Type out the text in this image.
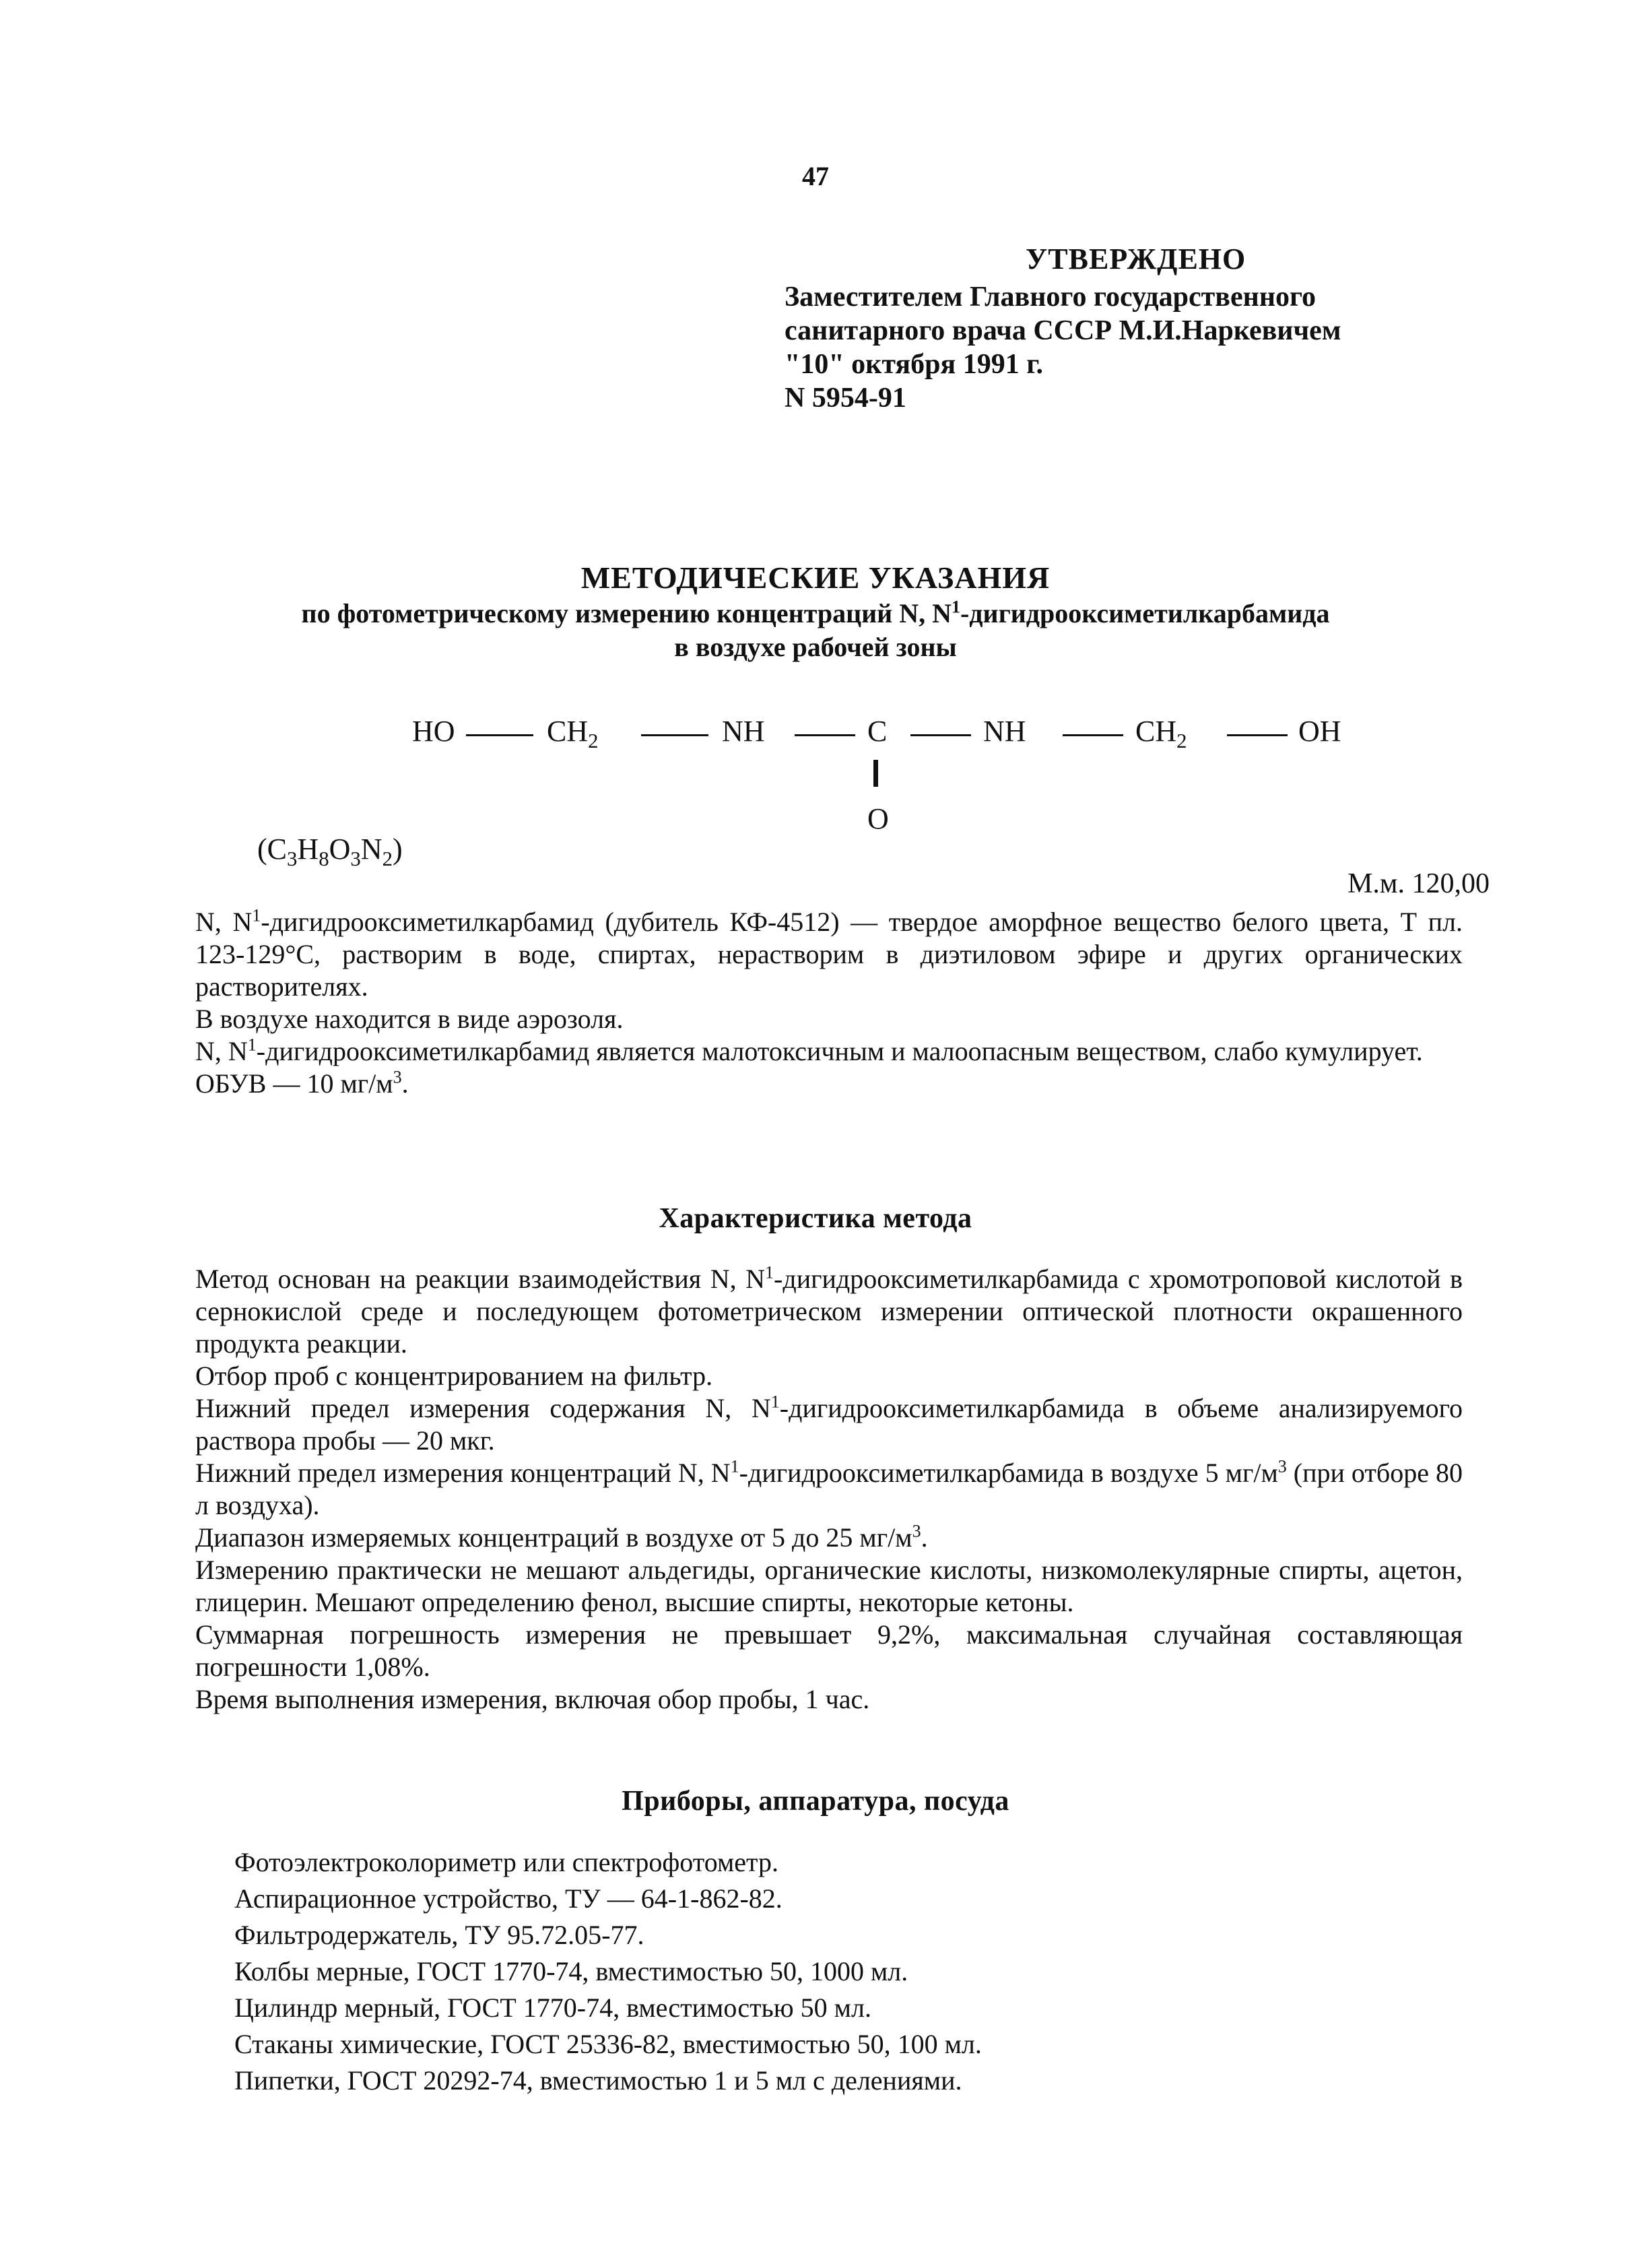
47
УТВЕРЖДЕНО
Заместителем Главного государственного
санитарного врача СССР М.И.Наркевичем
"10" октября 1991 г.
N 5954-91
МЕТОДИЧЕСКИЕ УКАЗАНИЯ
по фотометрическому измерению концентраций N, $N^1$-дигидрооксиметилкарбамида
в воздухе рабочей зоны
HO	$CH_2$	NH	C
O
NH	$CH_2$	OH
$(C_3H_8O_3N_2)$
М.м. 120,00

N, $N^1$-дигидрооксиметилкарбамид (дубитель КФ-4512) — твердое аморфное вещество белого цвета, Т пл. 123-129°С, растворим в воде, спиртах, нерастворим в диэтиловом эфире и других органических растворителях.

В воздухе находится в виде аэрозоля.

N, $N^1$-дигидрооксиметилкарбамид является малотоксичным и малоопасным веществом, слабо кумулирует.

ОБУВ — 10 $мг/м^3$.

Характеристика метода

Метод основан на реакции взаимодействия N, $N^1$-дигидрооксиметилкарбамида с хромотроповой кислотой в сернокислой среде и последующем фотометрическом измерении оптической плотности окрашенного продукта реакции.

Отбор проб с концентрированием на фильтр.

Нижний предел измерения содержания N, $N^1$-дигидрооксиметилкарбамида в объеме анализируемого раствора пробы — 20 мкг.

Нижний предел измерения концентраций N, $N^1$-дигидрооксиметилкарбамида в воздухе 5 $мг/м^3$ (при отборе 80 л воздуха).

Диапазон измеряемых концентраций в воздухе от 5 до 25 $мг/м^3$.

Измерению практически не мешают альдегиды, органические кислоты, низкомолекулярные спирты, ацетон, глицерин. Мешают определению фенол, высшие спирты, некоторые кетоны.

Суммарная погрешность измерения не превышает 9,2%, максимальная случайная составляющая погрешности 1,08%.

Время выполнения измерения, включая обор пробы, 1 час.

Приборы, аппаратура, посуда
Фотоэлектроколориметр или спектрофотометр.
Аспирационное устройство, ТУ — 64-1-862-82.
Фильтродержатель, ТУ 95.72.05-77.
Колбы мерные, ГОСТ 1770-74, вместимостью 50, 1000 мл.
Цилиндр мерный, ГОСТ 1770-74, вместимостью 50 мл.
Стаканы химические, ГОСТ 25336-82, вместимостью 50, 100 мл.
Пипетки, ГОСТ 20292-74, вместимостью 1 и 5 мл с делениями.
